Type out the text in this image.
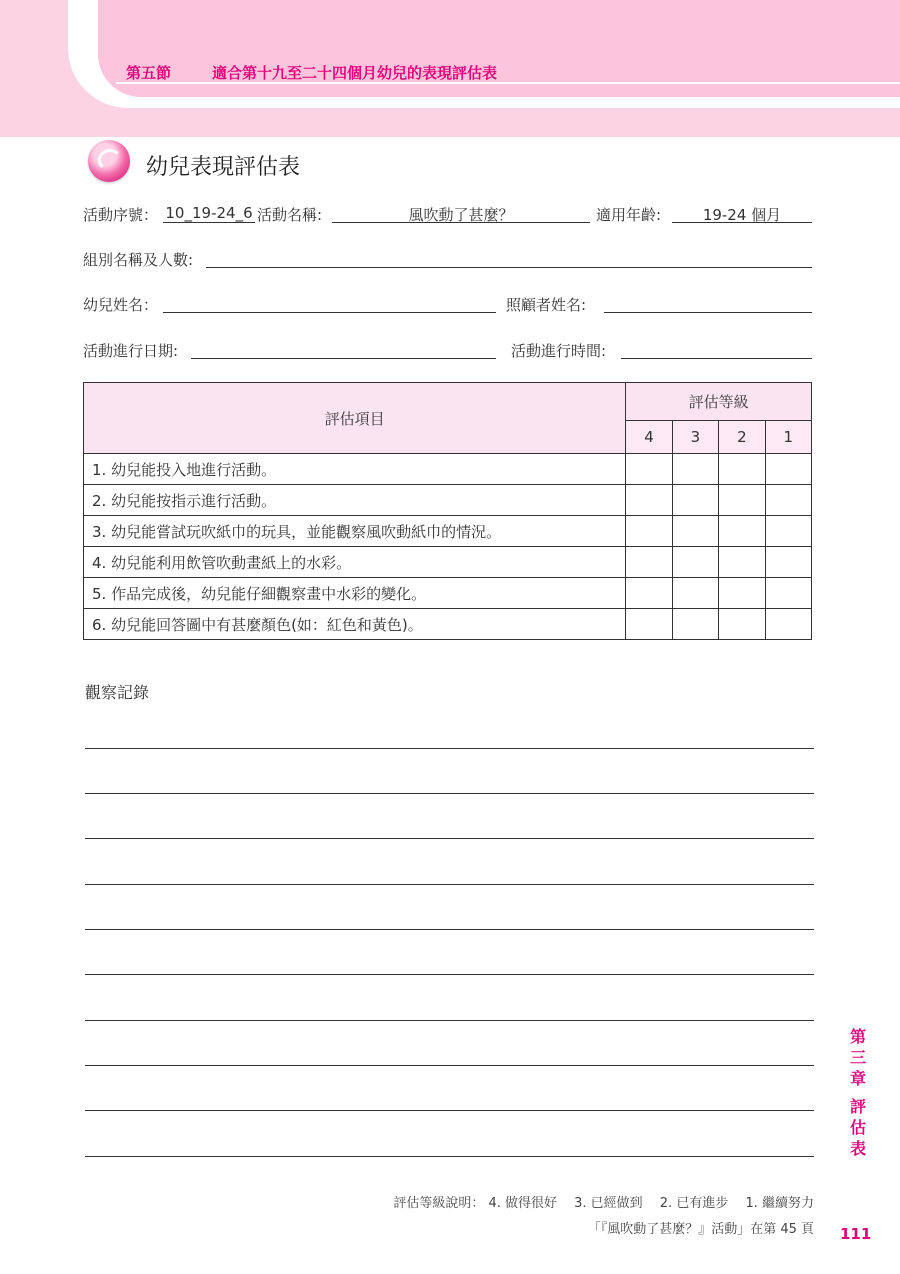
第五節	適合第十九至二十四個月幼兒的表現評估表
幼兒表現評估表
活動序號： 10_19-24_6 活動名稱:	風吹動了甚麼？	適用年齡:	19-24 個月
組別名稱及人數:
幼兒姓名：	照顧者姓名:
活動進行日期:	活動進行時間:
評估項目	評估等級			
	4	3	2	1
1. 幼兒能投入地進行活動。				
2. 幼兒能按指示進行活動。				
3. 幼兒能嘗試玩吹紙巾的玩具，並能觀察風吹動紙巾的情況。				
4. 幼兒能利用飲管吹動畫紙上的水彩。				
5. 作品完成後，幼兒能仔細觀察畫中水彩的變化。				
6. 幼兒能回答圖中有甚麼顏色(如：紅色和黃色)。				
觀察記錄
第
三
章
評
估
表
評估等級說明： 4. 做得很好　 3. 已經做到　 2. 已有進步　 1. 繼續努力
「『風吹動了甚麼？』活動」在第 45 頁 111
